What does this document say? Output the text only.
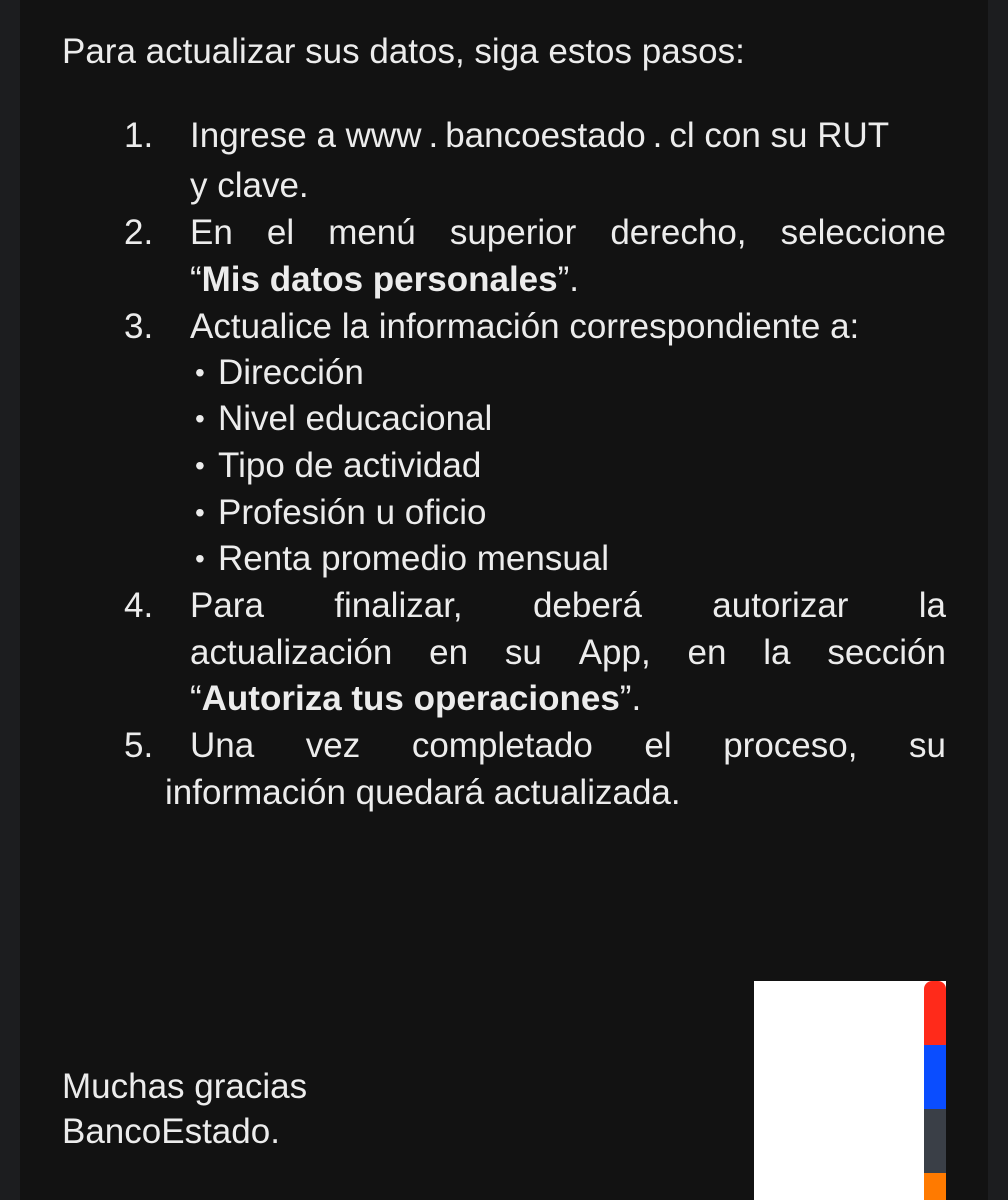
Para actualizar sus datos, siga estos pasos:
1. Ingrese a www . bancoestado . cl con su RUT
y clave.
2. En el menú superior derecho, seleccione
“Mis datos personales”.
3. Actualice la información correspondiente a:
• Dirección
• Nivel educacional
• Tipo de actividad
• Profesión u oficio
• Renta promedio mensual
4. Para finalizar, deberá autorizar la
actualización en su App, en la sección
“Autoriza tus operaciones”.
5. Una vez completado el proceso, su
información quedará actualizada.
Muchas gracias
BancoEstado.
